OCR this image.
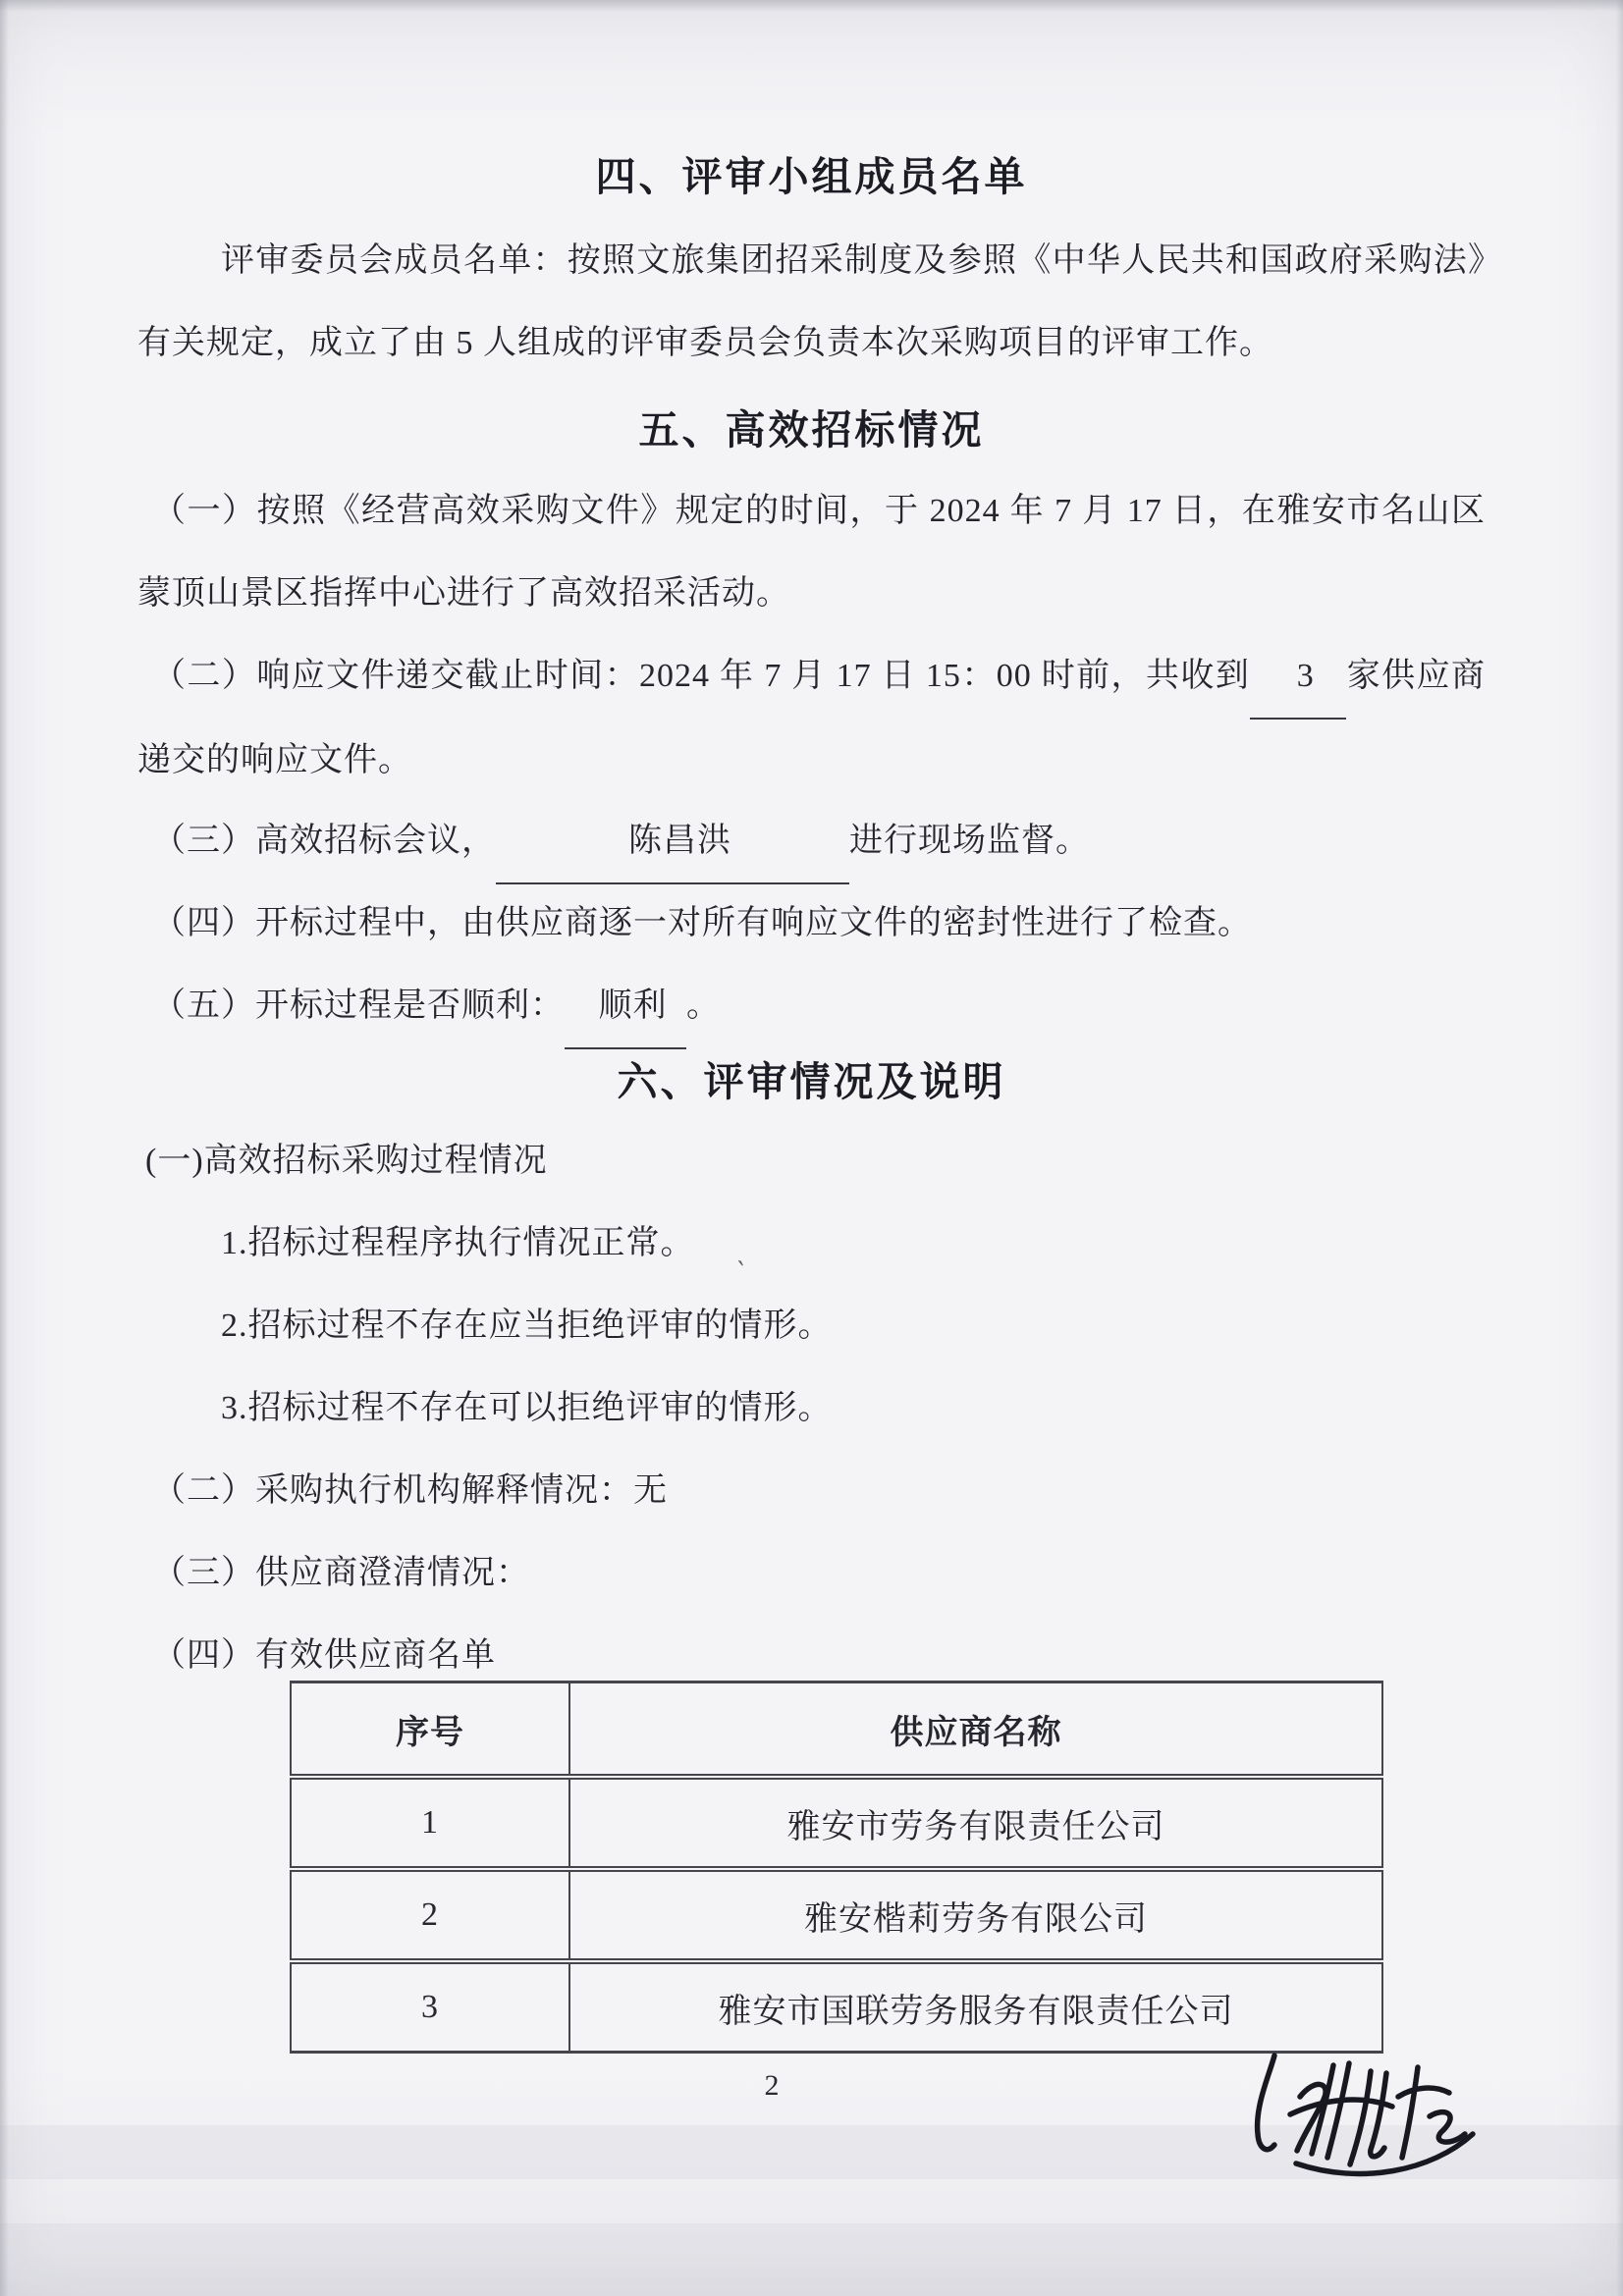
四、评审小组成员名单
评审委员会成员名单：按照文旅集团招采制度及参照《中华人民共和国政府采购法》有关规定，成立了由 5 人组成的评审委员会负责本次采购项目的评审工作。
五、高效招标情况
（一）按照《经营高效采购文件》规定的时间，于 2024 年 7 月 17 日，在雅安市名山区蒙顶山景区指挥中心进行了高效招采活动。
（二）响应文件递交截止时间：2024 年 7 月 17 日 15：00 时前，共收到 3 家供应商递交的响应文件。
（三）高效招标会议，	陈昌洪	进行现场监督。
（四）开标过程中，由供应商逐一对所有响应文件的密封性进行了检查。
（五）开标过程是否顺利： 顺利 。
六、评审情况及说明
(一)高效招标采购过程情况
1.招标过程程序执行情况正常。
2.招标过程不存在应当拒绝评审的情形。
3.招标过程不存在可以拒绝评审的情形。
（二）采购执行机构解释情况：无
（三）供应商澄清情况：
（四）有效供应商名单
`
序号	供应商名称
1	雅安市劳务有限责任公司
2	雅安楷莉劳务有限公司
3	雅安市国联劳务服务有限责任公司
2
